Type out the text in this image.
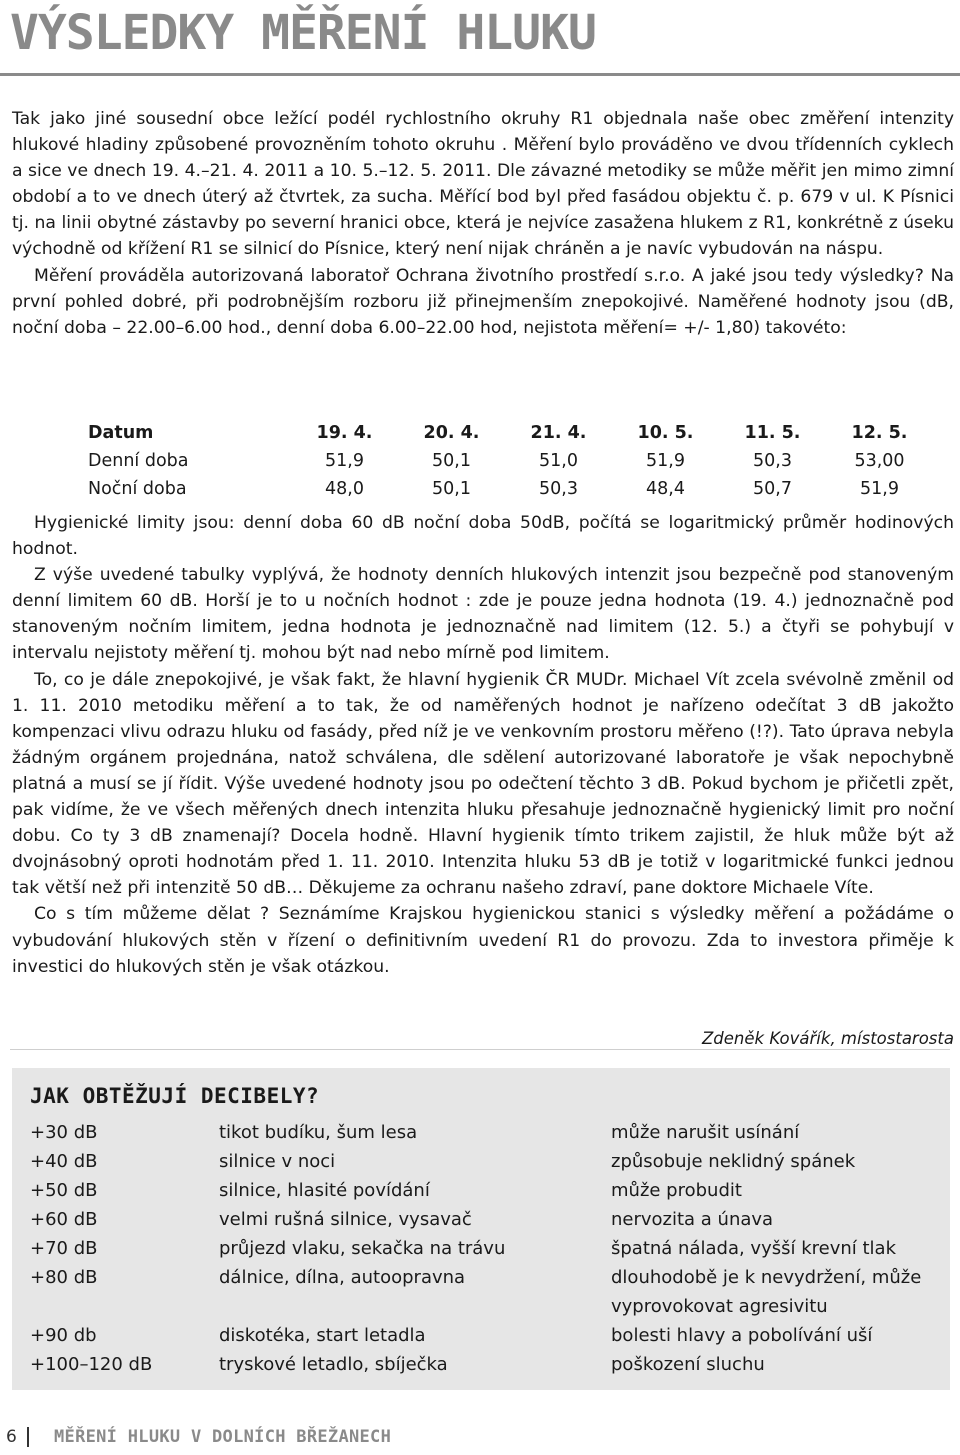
VÝSLEDKY MĚŘENÍ HLUKU

Tak jako jiné sousední obce ležící podél rychlostního okruhy R1 objednala naše obec změření intenzity hlukové hladiny způsobené provozněním tohoto okruhu . Měření bylo prováděno ve dvou třídenních cyklech a sice ve dnech 19. 4.–21. 4. 2011 a 10. 5.–12. 5. 2011. Dle závazné metodiky se může měřit jen mimo zimní období a to ve dnech úterý až čtvrtek, za sucha. Měřící bod byl před fasádou objektu č. p. 679 v ul. K Písnici tj. na linii obytné zástavby po severní hranici obce, která je nejvíce zasažena hlukem z R1, konkrétně z úseku východně od křížení R1 se silnicí do Písnice, který není nijak chráněn a je navíc vybudován na náspu.

Měření prováděla autorizovaná laboratoř Ochrana životního prostředí s.r.o. A jaké jsou tedy výsledky? Na první pohled dobré, při podrobnějším rozboru již přinejmenším znepokojivé. Naměřené hodnoty jsou (dB, noční doba – 22.00–6.00 hod., denní doba 6.00–22.00 hod, nejistota měření= +/- 1,80) takovéto:

Datum	19. 4.	20. 4.	21. 4.	10. 5.	11. 5.	12. 5.
Denní doba	51,9	50,1	51,0	51,9	50,3	53,00
Noční doba	48,0	50,1	50,3	48,4	50,7	51,9

Hygienické limity jsou: denní doba 60 dB noční doba 50dB, počítá se logaritmický průměr hodinových hodnot.

Z výše uvedené tabulky vyplývá, že hodnoty denních hlukových intenzit jsou bezpečně pod stanoveným denní limitem 60 dB. Horší je to u nočních hodnot : zde je pouze jedna hodnota (19. 4.) jednoznačně pod stanoveným nočním limitem, jedna hodnota je jednoznačně nad limitem (12. 5.) a čtyři se pohybují v intervalu nejistoty měření tj. mohou být nad nebo mírně pod limitem.

To, co je dále znepokojivé, je však fakt, že hlavní hygienik ČR MUDr. Michael Vít zcela svévolně změnil od 1. 11. 2010 metodiku měření a to tak, že od naměřených hodnot je nařízeno odečítat 3 dB jakožto kompenzaci vlivu odrazu hluku od fasády, před níž je ve venkovním prostoru měřeno (!?). Tato úprava nebyla žádným orgánem projednána, natož schválena, dle sdělení autorizované laboratoře je však nepochybně platná a musí se jí řídit. Výše uvedené hodnoty jsou po odečtení těchto 3 dB. Pokud bychom je přičetli zpět, pak vidíme, že ve všech měřených dnech intenzita hluku přesahuje jednoznačně hygienický limit pro noční dobu. Co ty 3 dB znamenají? Docela hodně. Hlavní hygienik tímto trikem zajistil, že hluk může být až dvojnásobný oproti hodnotám před 1. 11. 2010. Intenzita hluku 53 dB je totiž v logaritmické funkci jednou tak větší než při intenzitě 50 dB… Děkujeme za ochranu našeho zdraví, pane doktore Michaele Víte.

Co s tím můžeme dělat ? Seznámíme Krajskou hygienickou stanici s výsledky měření a požádáme o vybudování hlukových stěn v řízení o definitivním uvedení R1 do provozu. Zda to investora přiměje k investici do hlukových stěn je však otázkou.

Zdeněk Kovářík, místostarosta
JAK OBTĚŽUJÍ DECIBELY?
+30 dB	tikot budíku, šum lesa	může narušit usínání
+40 dB	silnice v noci	způsobuje neklidný spánek
+50 dB	silnice, hlasité povídání	může probudit
+60 dB	velmi rušná silnice, vysavač	nervozita a únava
+70 dB	průjezd vlaku, sekačka na trávu	špatná nálada, vyšší krevní tlak
+80 dB	dálnice, dílna, autoopravna	dlouhodobě je k nevydržení, může vyprovokovat agresivitu
+90 db	diskotéka, start letadla	bolesti hlavy a pobolívání uší
+100–120 dB	tryskové letadlo, sbíječka	poškození sluchu
6 MĚŘENÍ HLUKU V DOLNÍCH BŘEŽANECH
